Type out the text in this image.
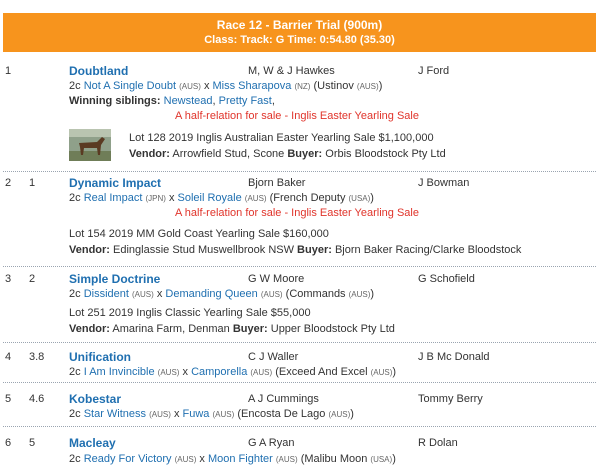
Race 12 - Barrier Trial (900m)
Class: Track: G Time: 0:54.80 (35.30)
1	Doubtland	M, W & J Hawkes	J Ford
2c Not A Single Doubt (AUS) x Miss Sharapova (NZ) (Ustinov (AUS))
Winning siblings: Newstead, Pretty Fast,
A half-relation for sale - Inglis Easter Yearling Sale
Lot 128 2019 Inglis Australian Easter Yearling Sale $1,100,000
Vendor: Arrowfield Stud, Scone Buyer: Orbis Bloodstock Pty Ltd
2 1	Dynamic Impact	Bjorn Baker	J Bowman
2c Real Impact (JPN) x Soleil Royale (AUS) (French Deputy (USA))
A half-relation for sale - Inglis Easter Yearling Sale
Lot 154 2019 MM Gold Coast Yearling Sale $160,000
Vendor: Edinglassie Stud Muswellbrook NSW Buyer: Bjorn Baker Racing/Clarke Bloodstock
3 2	Simple Doctrine	G W Moore	G Schofield
2c Dissident (AUS) x Demanding Queen (AUS) (Commands (AUS))
Lot 251 2019 Inglis Classic Yearling Sale $55,000
Vendor: Amarina Farm, Denman Buyer: Upper Bloodstock Pty Ltd
4 3.8 Unification	C J Waller	J B Mc Donald
2c I Am Invincible (AUS) x Camporella (AUS) (Exceed And Excel (AUS))
5 4.6 Kobestar	A J Cummings	Tommy Berry
2c Star Witness (AUS) x Fuwa (AUS) (Encosta De Lago (AUS))
6 5	Macleay	G A Ryan	R Dolan
2c Ready For Victory (AUS) x Moon Fighter (AUS) (Malibu Moon (USA))
